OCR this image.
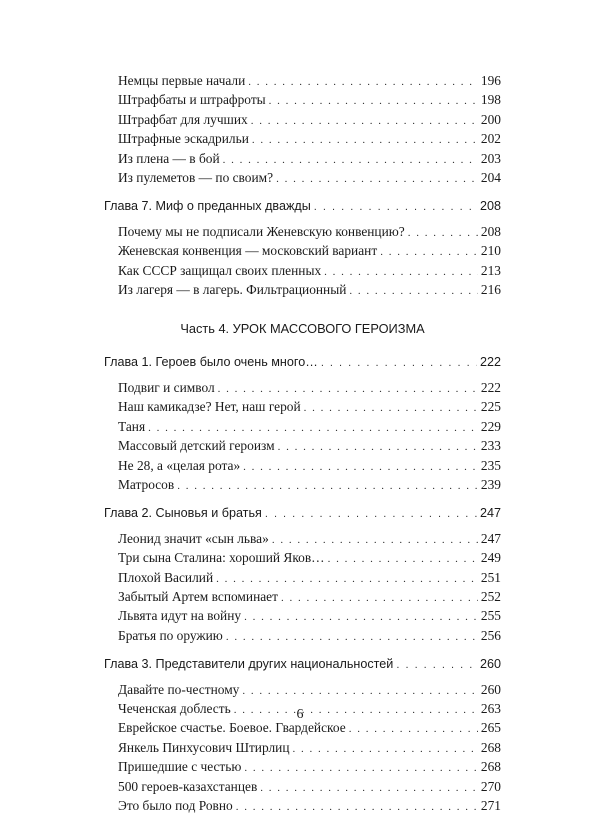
Немцы первые начали . . .	196
Штрафбаты и штрафроты . . .	198
Штрафбат для лучших . . .	200
Штрафные эскадрильи . . .	202
Из плена — в бой . . .	203
Из пулеметов — по своим? . . .	204
Глава 7. Миф о преданных дважды . . .	208
Почему мы не подписали Женевскую конвенцию? . . .	208
Женевская конвенция — московский вариант . . .	210
Как СССР защищал своих пленных . . .	213
Из лагеря — в лагерь. Фильтрационный . . .	216
Часть 4. УРОК МАССОВОГО ГЕРОИЗМА
Глава 1. Героев было очень много… . . .	222
Подвиг и символ . . .	222
Наш камикадзе? Нет, наш герой . . .	225
Таня . . .	229
Массовый детский героизм . . .	233
Не 28, а «целая рота» . . .	235
Матросов . . .	239
Глава 2. Сыновья и братья . . .	247
Леонид значит «сын льва» . . .	247
Три сына Сталина: хороший Яков… . . .	249
Плохой Василий . . .	251
Забытый Артем вспоминает . . .	252
Львята идут на войну . . .	255
Братья по оружию . . .	256
Глава 3. Представители других национальностей . . .	260
Давайте по-честному . . .	260
Чеченская доблесть . . .	263
Еврейское счастье. Боевое. Гвардейское . . .	265
Янкель Пинхусович Штирлиц . . .	268
Пришедшие с честью . . .	268
500 героев-казахстанцев . . .	270
Это было под Ровно . . .	271
6
